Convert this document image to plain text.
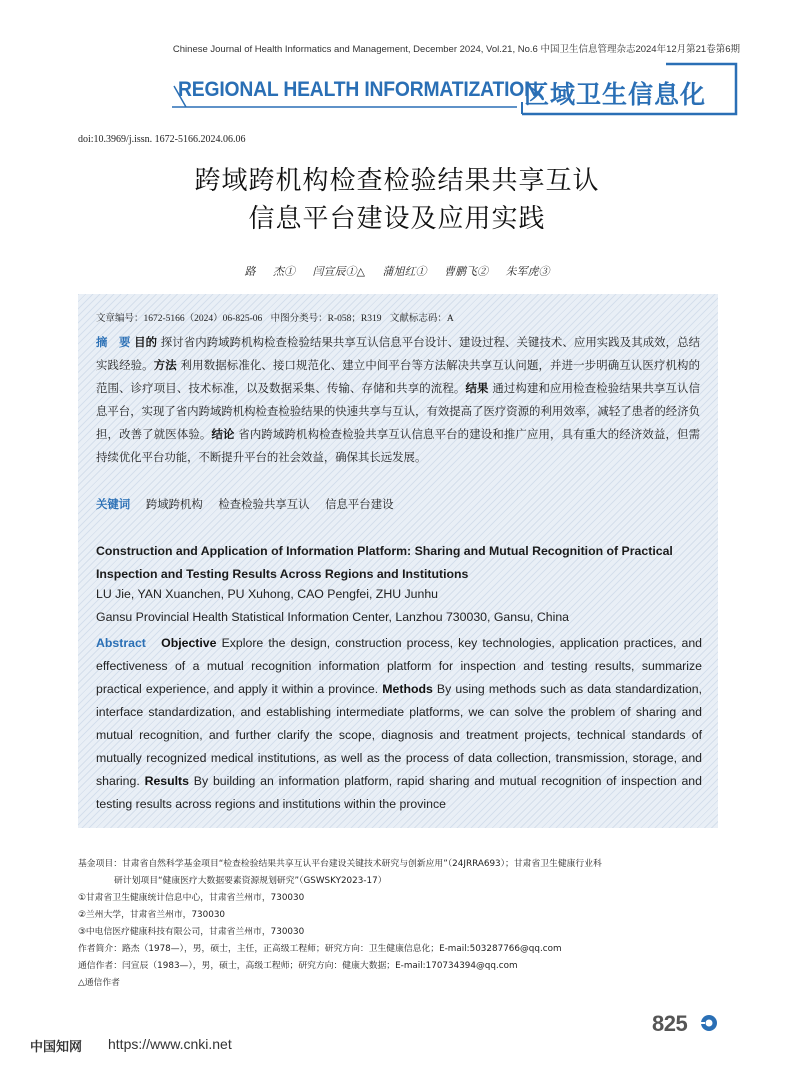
Chinese Journal of Health Informatics and Management, December 2024, Vol.21, No.6 中国卫生信息管理杂志2024年12月第21卷第6期
REGIONAL HEALTH INFORMATIZATION
区域卫生信息化
doi:10.3969/j.issn. 1672-5166.2024.06.06
跨域跨机构检查检验结果共享互认
信息平台建设及应用实践
路 杰① 闫宣辰①△ 蒲旭红① 曹鹏飞② 朱军虎③
文章编号：1672-5166（2024）06-825-06 中图分类号：R-058；R319 文献标志码：A
摘　要 目的 探讨省内跨域跨机构检查检验结果共享互认信息平台设计、建设过程、关键技术、应用实践及其成效，总结实践经验。方法 利用数据标准化、接口规范化、建立中间平台等方法解决共享互认问题，并进一步明确互认医疗机构的范围、诊疗项目、技术标准，以及数据采集、传输、存储和共享的流程。结果 通过构建和应用检查检验结果共享互认信息平台，实现了省内跨域跨机构检查检验结果的快速共享与互认，有效提高了医疗资源的利用效率，减轻了患者的经济负担，改善了就医体验。结论 省内跨域跨机构检查检验共享互认信息平台的建设和推广应用，具有重大的经济效益，但需持续优化平台功能，不断提升平台的社会效益，确保其长远发展。
关键词 跨域跨机构 检查检验共享互认 信息平台建设
Construction and Application of Information Platform: Sharing and Mutual Recognition of Practical Inspection and Testing Results Across Regions and Institutions
LU Jie, YAN Xuanchen, PU Xuhong, CAO Pengfei, ZHU Junhu
Gansu Provincial Health Statistical Information Center, Lanzhou 730030, Gansu, China
Abstract Objective Explore the design, construction process, key technologies, application practices, and effectiveness of a mutual recognition information platform for inspection and testing results, summarize practical experience, and apply it within a province. Methods By using methods such as data standardization, interface standardization, and establishing intermediate platforms, we can solve the problem of sharing and mutual recognition, and further clarify the scope, diagnosis and treatment projects, technical standards of mutually recognized medical institutions, as well as the process of data collection, transmission, storage, and sharing. Results By building an information platform, rapid sharing and mutual recognition of inspection and testing results across regions and institutions within the province
基金项目：甘肃省自然科学基金项目“检查检验结果共享互认平台建设关键技术研究与创新应用”（24JRRA693）；甘肃省卫生健康行业科
研计划项目“健康医疗大数据要素资源规划研究”（GSWSKY2023-17）
①甘肃省卫生健康统计信息中心，甘肃省兰州市，730030
②兰州大学，甘肃省兰州市，730030
③中电信医疗健康科技有限公司，甘肃省兰州市，730030
作者简介：路杰（1978—），男，硕士，主任，正高级工程师；研究方向：卫生健康信息化；E-mail:503287766@qq.com
通信作者：闫宣辰（1983—），男，硕士，高级工程师；研究方向：健康大数据；E-mail:170734394@qq.com
△通信作者
825
中国知网 https://www.cnki.net
